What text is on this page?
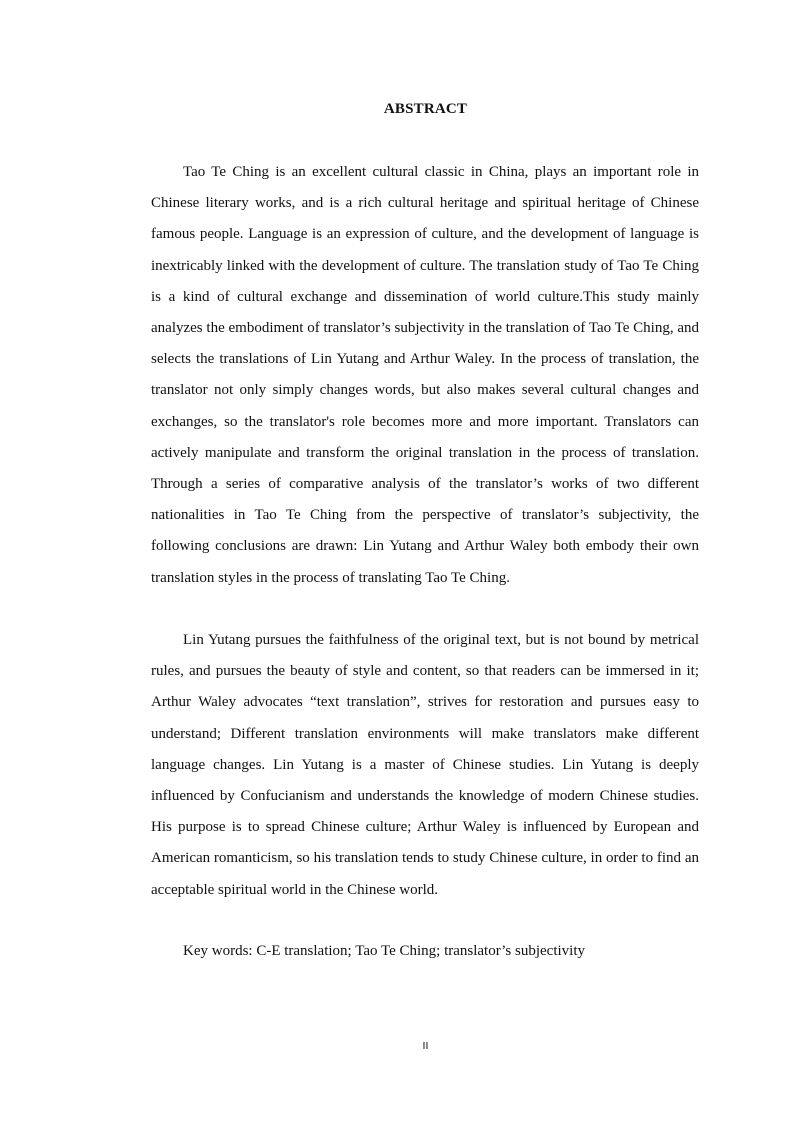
ABSTRACT

Tao Te Ching is an excellent cultural classic in China, plays an important role in Chinese literary works, and is a rich cultural heritage and spiritual heritage of Chinese famous people. Language is an expression of culture, and the development of language is inextricably linked with the development of culture. The translation study of Tao Te Ching is a kind of cultural exchange and dissemination of world culture.This study mainly analyzes the embodiment of translator’s subjectivity in the translation of Tao Te Ching, and selects the translations of Lin Yutang and Arthur Waley. In the process of translation, the translator not only simply changes words, but also makes several cultural changes and exchanges, so the translator's role becomes more and more important. Translators can actively manipulate and transform the original translation in the process of translation. Through a series of comparative analysis of the translator’s works of two different nationalities in Tao Te Ching from the perspective of translator’s subjectivity, the following conclusions are drawn: Lin Yutang and Arthur Waley both embody their own translation styles in the process of translating Tao Te Ching.

Lin Yutang pursues the faithfulness of the original text, but is not bound by metrical rules, and pursues the beauty of style and content, so that readers can be immersed in it; Arthur Waley advocates “text translation”, strives for restoration and pursues easy to understand; Different translation environments will make translators make different language changes. Lin Yutang is a master of Chinese studies. Lin Yutang is deeply influenced by Confucianism and understands the knowledge of modern Chinese studies. His purpose is to spread Chinese culture; Arthur Waley is influenced by European and American romanticism, so his translation tends to study Chinese culture, in order to find an acceptable spiritual world in the Chinese world.

Key words: C-E translation; Tao Te Ching; translator’s subjectivity
II
